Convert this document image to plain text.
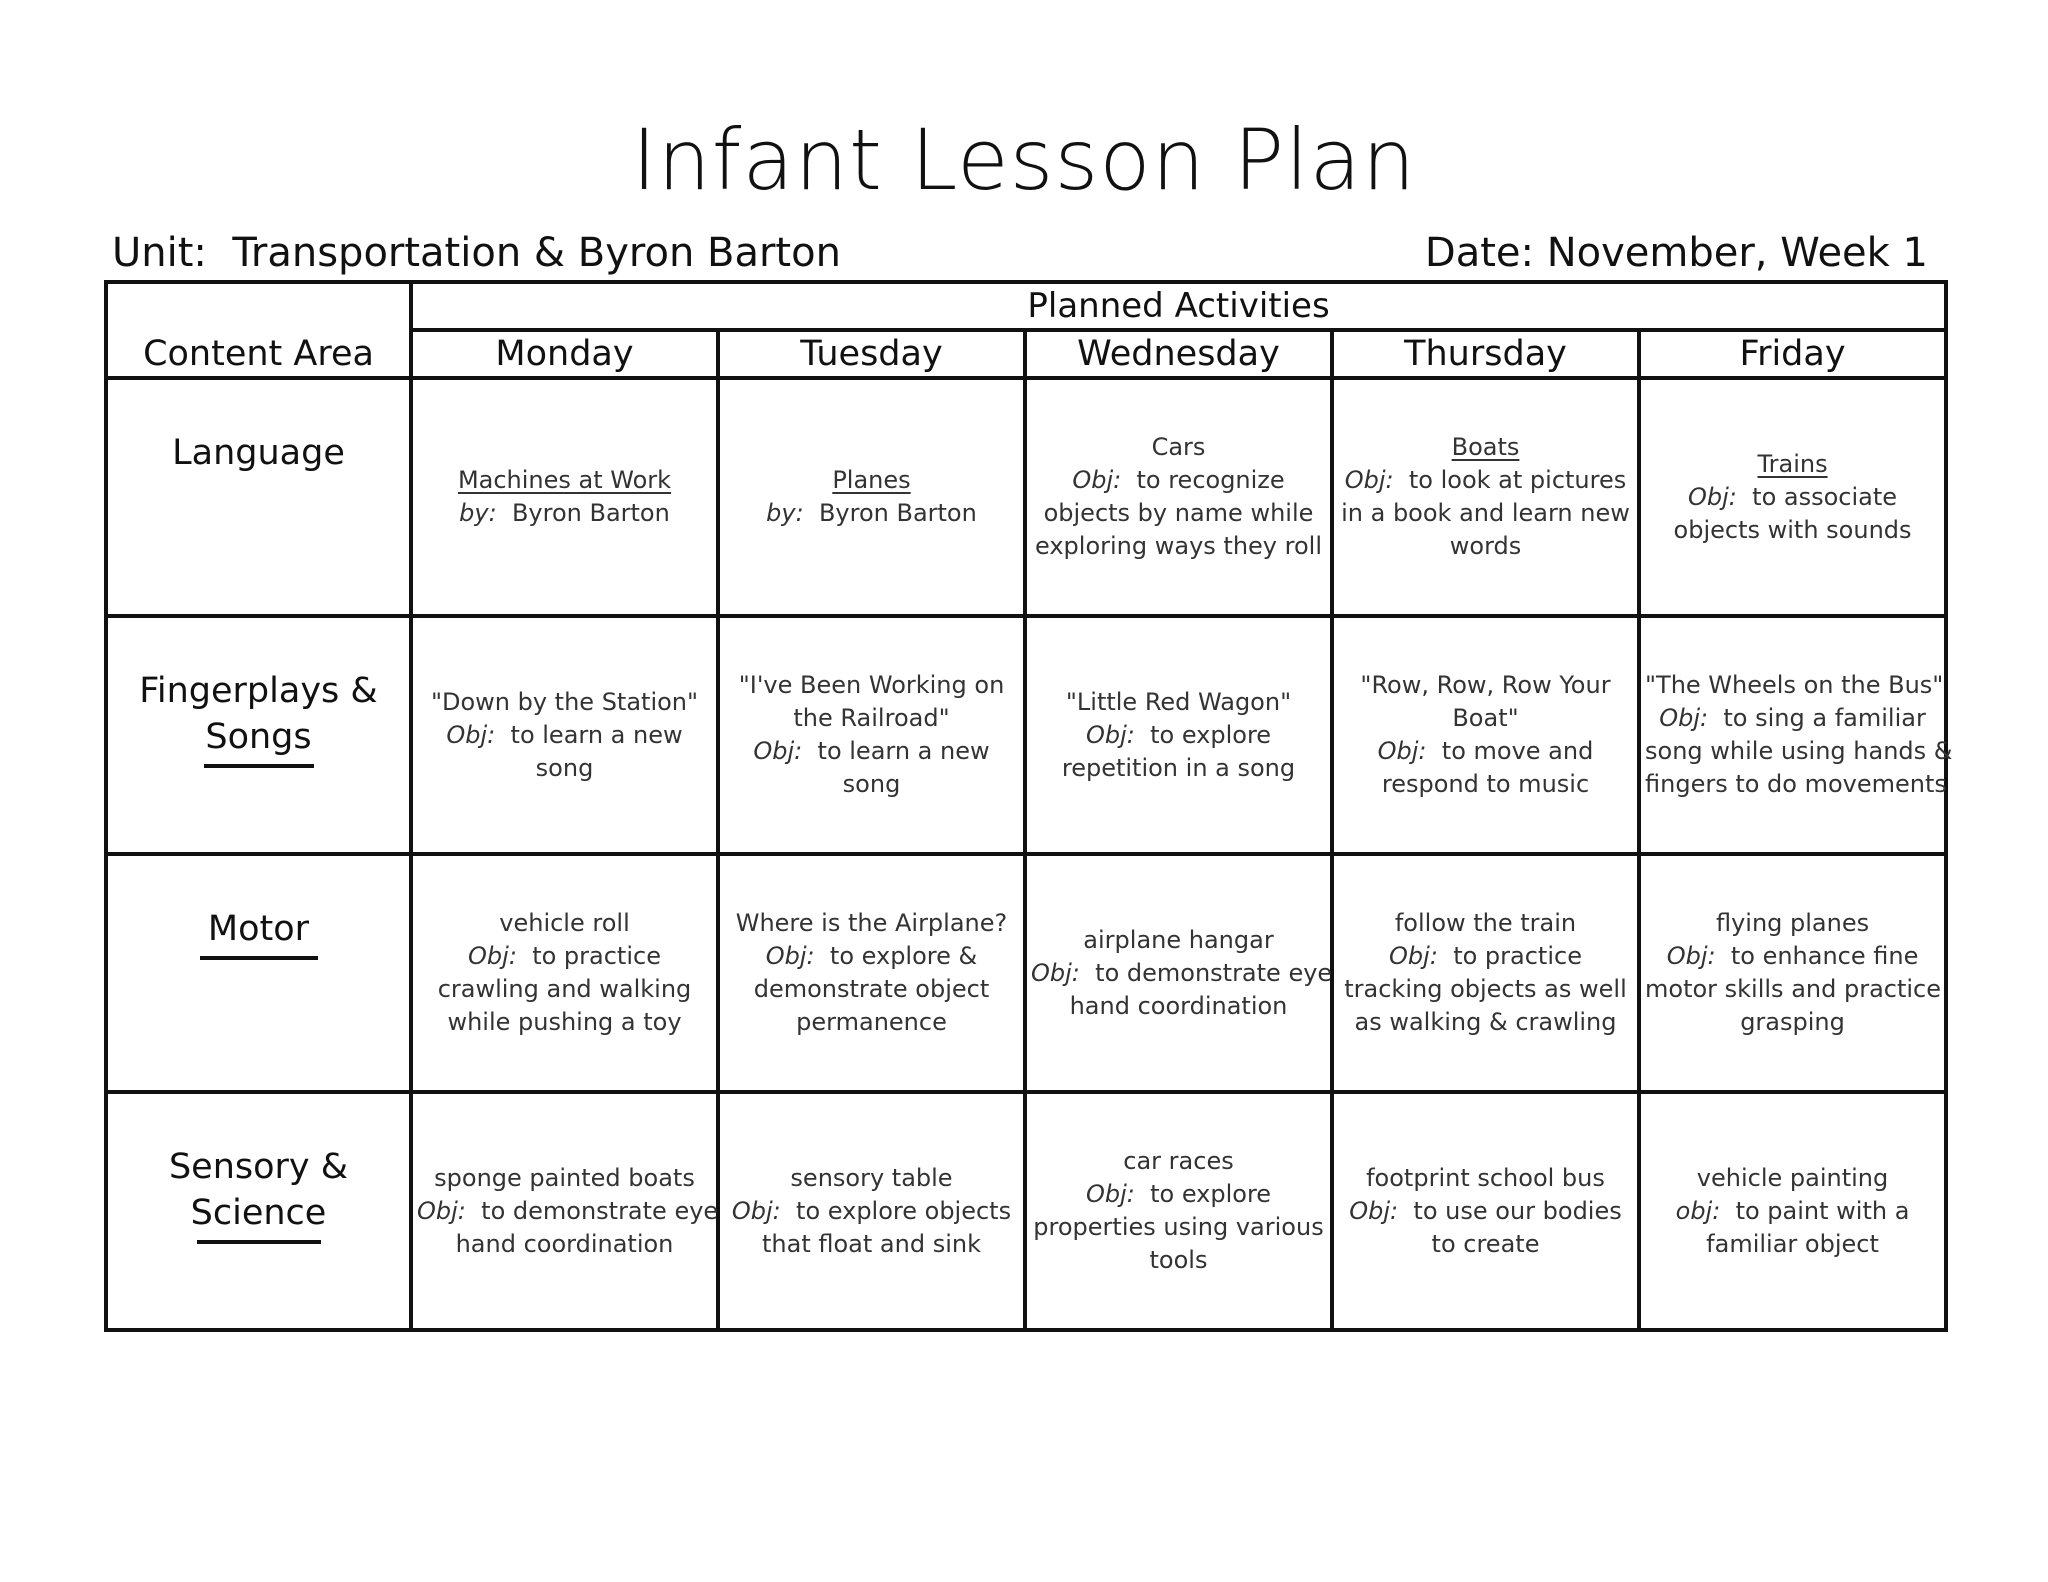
Infant Lesson Plan
Unit: Transportation & Byron Barton	Date: November, Week 1
Content Area	Planned Activities				
	Monday	Tuesday	Wednesday	Thursday	Friday

Language	Machines at Work
by: Byron Barton	Planes
by: Byron Barton	Cars
Obj: to recognize
objects by name while
exploring ways they roll	Boats
Obj: to look at pictures
in a book and learn new
words	Trains
Obj: to associate
objects with sounds

Fingerplays &
Songs	"Down by the Station"
Obj: to learn a new
song	"I've Been Working on
the Railroad"
Obj: to learn a new
song	"Little Red Wagon"
Obj: to explore
repetition in a song	"Row, Row, Row Your
Boat"
Obj: to move and
respond to music	"The Wheels on the Bus"
Obj: to sing a familiar
song while using hands &
fingers to do movements

Motor	vehicle roll
Obj: to practice
crawling and walking
while pushing a toy	Where is the Airplane?
Obj: to explore &
demonstrate object
permanence	airplane hangar
Obj: to demonstrate eye
hand coordination	follow the train
Obj: to practice
tracking objects as well
as walking & crawling	flying planes
Obj: to enhance fine
motor skills and practice
grasping

Sensory & Science	sponge painted boats
Obj: to demonstrate eye
hand coordination	sensory table
Obj: to explore objects
that float and sink	car races
Obj: to explore
properties using various
tools	footprint school bus
Obj: to use our bodies
to create	vehicle painting
obj: to paint with a
familiar object
